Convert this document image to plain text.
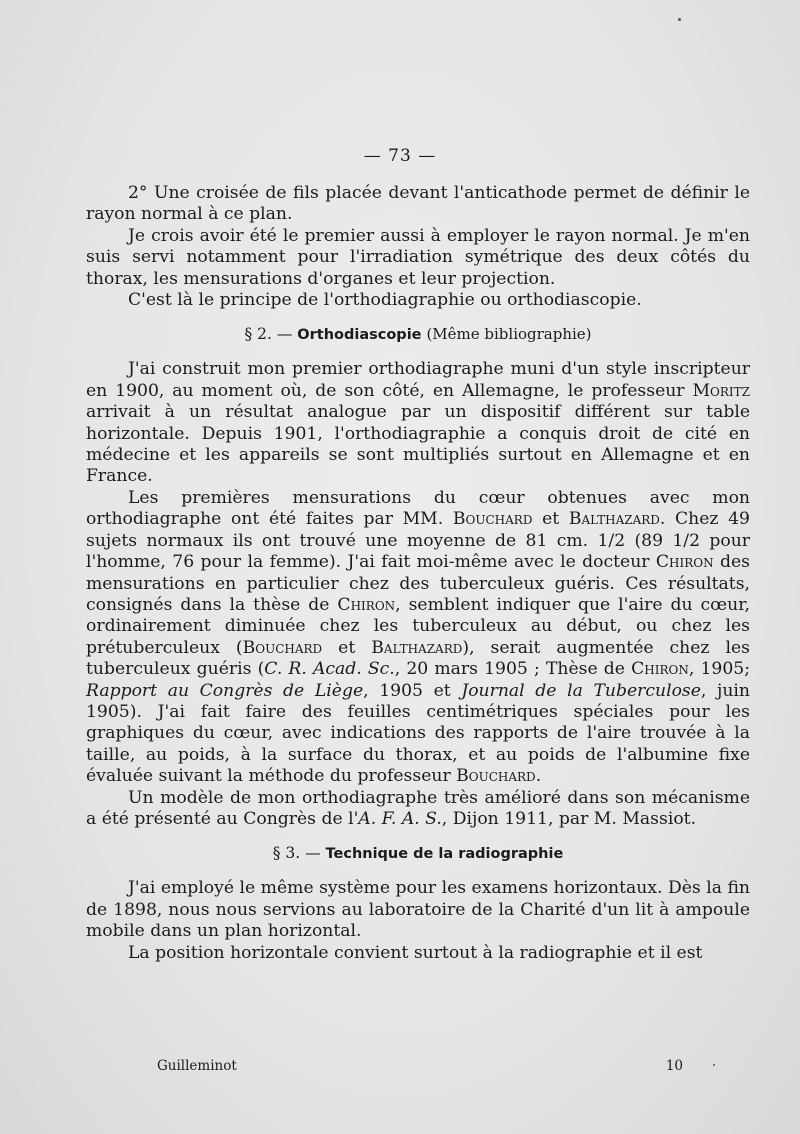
— 73 —

2° Une croisée de fils placée devant l'anticathode permet de définir le rayon normal à ce plan.

Je crois avoir été le premier aussi à employer le rayon normal. Je m'en suis servi notamment pour l'irradiation symétrique des deux côtés du thorax, les mensurations d'organes et leur projection.

C'est là le principe de l'orthodiagraphie ou orthodiascopie.

§ 2. — Orthodiascopie (Même bibliographie)

J'ai construit mon premier orthodiagraphe muni d'un style inscripteur en 1900, au moment où, de son côté, en Allemagne, le professeur Moritz arrivait à un résultat analogue par un dispositif différent sur table horizontale. Depuis 1901, l'orthodiagraphie a conquis droit de cité en médecine et les appareils se sont multipliés surtout en Allemagne et en France.

Les premières mensurations du cœur obtenues avec mon orthodiagraphe ont été faites par MM. Bouchard et Balthazard. Chez 49 sujets normaux ils ont trouvé une moyenne de 81 cm. 1/2 (89 1/2 pour l'homme, 76 pour la femme). J'ai fait moi-même avec le docteur Chiron des mensurations en particulier chez des tuberculeux guéris. Ces résultats, consignés dans la thèse de Chiron, semblent indiquer que l'aire du cœur, ordinairement diminuée chez les tuberculeux au début, ou chez les prétuberculeux (Bouchard et Balthazard), serait augmentée chez les tuberculeux guéris (C. R. Acad. Sc., 20 mars 1905 ; Thèse de Chiron, 1905; Rapport au Congrès de Liège, 1905 et Journal de la Tuberculose, juin 1905). J'ai fait faire des feuilles centimétriques spéciales pour les graphiques du cœur, avec indications des rapports de l'aire trouvée à la taille, au poids, à la surface du thorax, et au poids de l'albumine fixe évaluée suivant la méthode du professeur Bouchard.

Un modèle de mon orthodiagraphe très amélioré dans son mécanisme a été présenté au Congrès de l'A. F. A. S., Dijon 1911, par M. Massiot.

§ 3. — Technique de la radiographie

J'ai employé le même système pour les examens horizontaux. Dès la fin de 1898, nous nous servions au laboratoire de la Charité d'un lit à ampoule mobile dans un plan horizontal.

La position horizontale convient surtout à la radiographie et il est

Guilleminot	10
